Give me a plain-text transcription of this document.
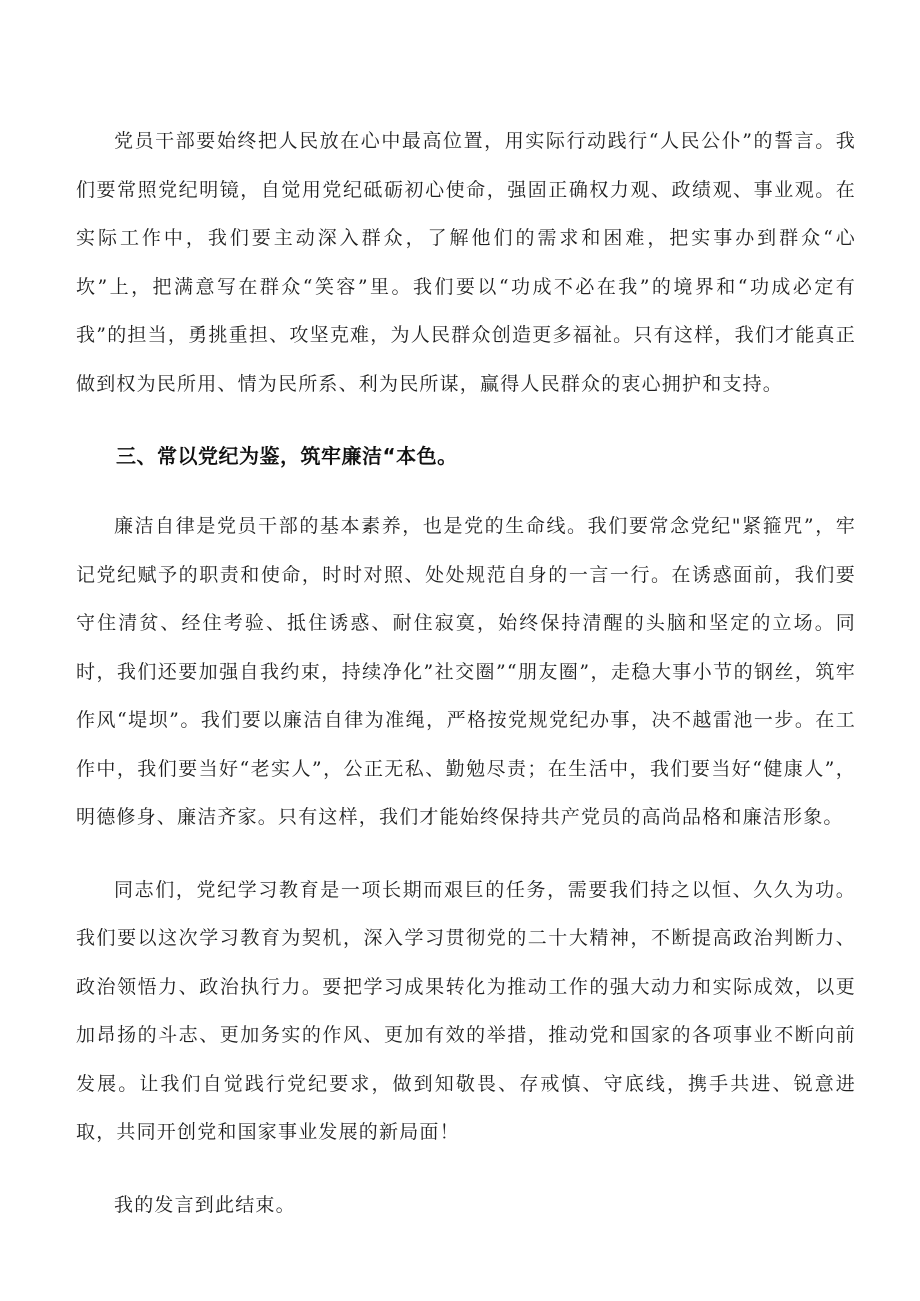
党员干部要始终把人民放在心中最高位置，用实际行动践行“人民公仆”的誓言。我们要常照党纪明镜，自觉用党纪砥砺初心使命，强固正确权力观、政绩观、事业观。在实际工作中，我们要主动深入群众，了解他们的需求和困难，把实事办到群众“心坎”上，把满意写在群众“笑容”里。我们要以“功成不必在我”的境界和“功成必定有我”的担当，勇挑重担、攻坚克难，为人民群众创造更多福祉。只有这样，我们才能真正做到权为民所用、情为民所系、利为民所谋，赢得人民群众的衷心拥护和支持。

三、常以党纪为鉴，筑牢廉洁“本色。

廉洁自律是党员干部的基本素养，也是党的生命线。我们要常念党纪"紧箍咒”，牢记党纪赋予的职责和使命，时时对照、处处规范自身的一言一行。在诱惑面前，我们要守住清贫、经住考验、抵住诱惑、耐住寂寞，始终保持清醒的头脑和坚定的立场。同时，我们还要加强自我约束，持续净化”社交圈”“朋友圈”，走稳大事小节的钢丝，筑牢作风“堤坝”。我们要以廉洁自律为准绳，严格按党规党纪办事，决不越雷池一步。在工作中，我们要当好“老实人”，公正无私、勤勉尽责；在生活中，我们要当好“健康人”，明德修身、廉洁齐家。只有这样，我们才能始终保持共产党员的高尚品格和廉洁形象。

同志们，党纪学习教育是一项长期而艰巨的任务，需要我们持之以恒、久久为功。我们要以这次学习教育为契机，深入学习贯彻党的二十大精神，不断提高政治判断力、政治领悟力、政治执行力。要把学习成果转化为推动工作的强大动力和实际成效，以更加昂扬的斗志、更加务实的作风、更加有效的举措，推动党和国家的各项事业不断向前发展。让我们自觉践行党纪要求，做到知敬畏、存戒慎、守底线，携手共进、锐意进取，共同开创党和国家事业发展的新局面！

我的发言到此结束。
